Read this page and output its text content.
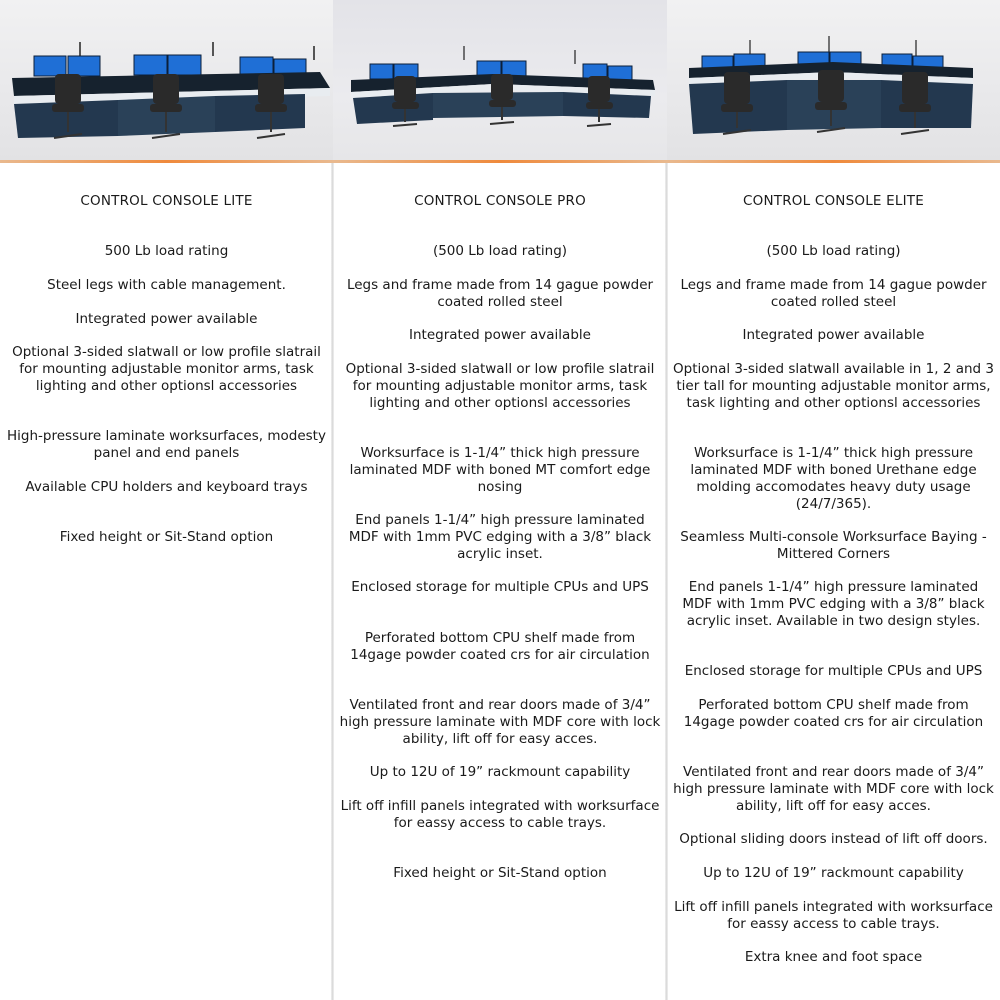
CONTROL CONSOLE LITE

500 Lb load rating

Steel legs with cable management.

Integrated power available

Optional 3-sided slatwall or low profile slatrail for mounting adjustable monitor arms, task lighting and other optionsl accessories

High-pressure laminate worksurfaces, modesty panel and end panels

Available CPU holders and keyboard trays

Fixed height or Sit-Stand option

CONTROL CONSOLE PRO

(500 Lb load rating)

Legs and frame made from 14 gague powder coated rolled steel

Integrated power available

Optional 3-sided slatwall or low profile slatrail for mounting adjustable monitor arms, task lighting and other optionsl accessories

Worksurface is 1-1/4” thick high pressure laminated MDF with boned MT comfort edge nosing

End panels 1-1/4” high pressure laminated MDF with 1mm PVC edging with a 3/8” black acrylic inset.

Enclosed storage for multiple CPUs and UPS

Perforated bottom CPU shelf made from 14gage powder coated crs for air circulation

Ventilated front and rear doors made of 3/4” high pressure laminate with MDF core with lock ability, lift off for easy acces.

Up to 12U of 19” rackmount capability

Lift off infill panels integrated with worksurface for eassy access to cable trays.

Fixed height or Sit-Stand option

CONTROL CONSOLE ELITE

(500 Lb load rating)

Legs and frame made from 14 gague powder coated rolled steel

Integrated power available

Optional 3-sided slatwall available in 1, 2 and 3 tier tall for mounting adjustable monitor arms, task lighting and other optionsl accessories

Worksurface is 1-1/4” thick high pressure laminated MDF with boned Urethane edge molding accomodates heavy duty usage (24/7/365).

Seamless Multi-console Worksurface Baying - Mittered Corners

End panels 1-1/4” high pressure laminated MDF with 1mm PVC edging with a 3/8” black acrylic inset. Available in two design styles.

Enclosed storage for multiple CPUs and UPS

Perforated bottom CPU shelf made from 14gage powder coated crs for air circulation

Ventilated front and rear doors made of 3/4” high pressure laminate with MDF core with lock ability, lift off for easy acces.

Optional sliding doors instead of lift off doors.

Up to 12U of 19” rackmount capability

Lift off infill panels integrated with worksurface for eassy access to cable trays.

Extra knee and foot space
